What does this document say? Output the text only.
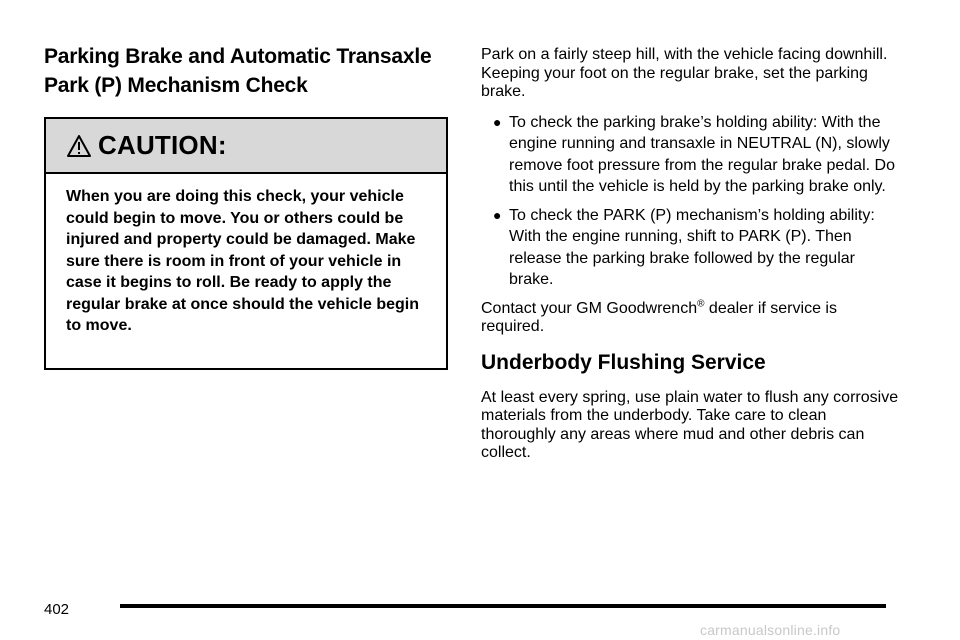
Parking Brake and Automatic Transaxle
Park (P) Mechanism Check
CAUTION:
When you are doing this check, your vehicle could begin to move. You or others could be injured and property could be damaged. Make sure there is room in front of your vehicle in case it begins to roll. Be ready to apply the regular brake at once should the vehicle begin to move.

Park on a fairly steep hill, with the vehicle facing downhill. Keeping your foot on the regular brake, set the parking brake.

● To check the parking brake’s holding ability: With the engine running and transaxle in NEUTRAL (N), slowly remove foot pressure from the regular brake pedal. Do this until the vehicle is held by the parking brake only.
● To check the PARK (P) mechanism’s holding ability: With the engine running, shift to PARK (P). Then release the parking brake followed by the regular brake.

Contact your GM Goodwrench® dealer if service is required.

Underbody Flushing Service

At least every spring, use plain water to flush any corrosive materials from the underbody. Take care to clean thoroughly any areas where mud and other debris can collect.

402
carmanualsonline.info
